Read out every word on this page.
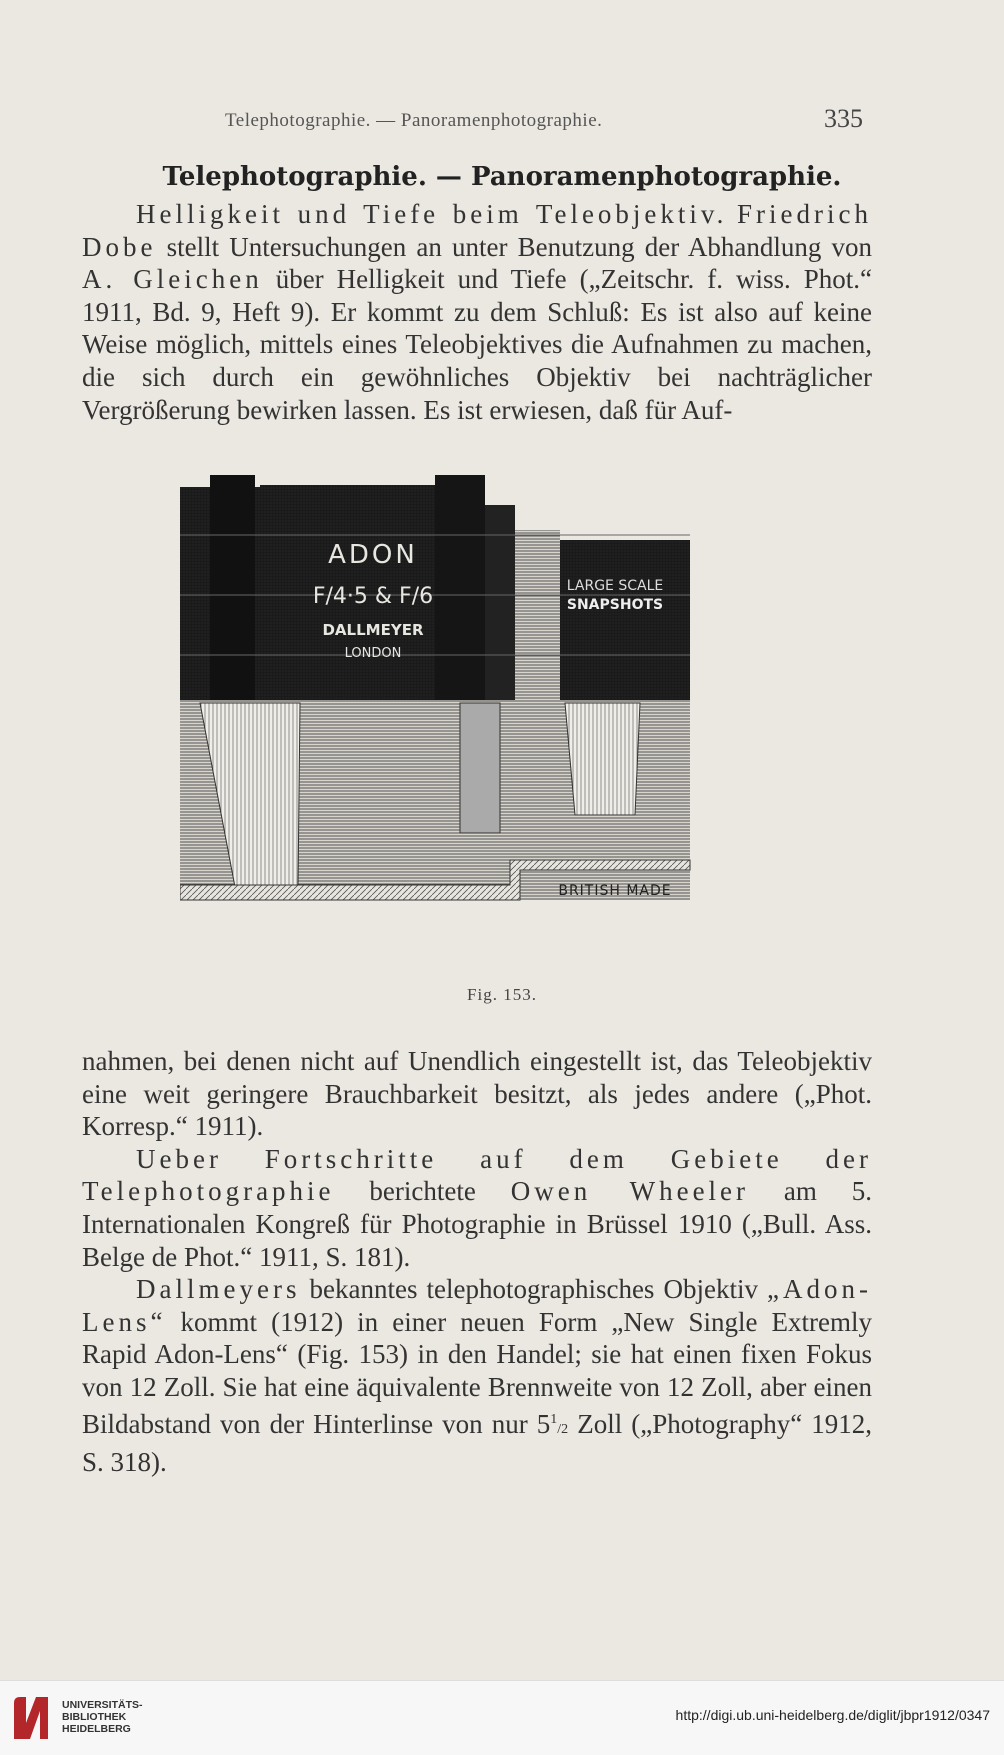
Telephotographie. — Panoramenphotographie.	335
Telephotographie. — Panoramenphotographie.

Helligkeit und Tiefe beim Teleobjektiv. Friedrich Dobe stellt Untersuchungen an unter Benutzung der Abhandlung von A. Gleichen über Helligkeit und Tiefe („Zeitschr. f. wiss. Phot.“ 1911, Bd. 9, Heft 9). Er kommt zu dem Schluß: Es ist also auf keine Weise möglich, mittels eines Teleobjektives die Aufnahmen zu machen, die sich durch ein gewöhnliches Objektiv bei nachträglicher Vergrößerung bewirken lassen. Es ist erwiesen, daß für Auf-

ADON
F/4·5 & F/6
DALLMEYER
LONDON
LARGE SCALE
SNAPSHOTS
BRITISH MADE
Fig. 153.

nahmen, bei denen nicht auf Unendlich eingestellt ist, das Teleobjektiv eine weit geringere Brauchbarkeit besitzt, als jedes andere („Phot. Korresp.“ 1911).

Ueber Fortschritte auf dem Gebiete der Telephotographie berichtete Owen Wheeler am 5. Internationalen Kongreß für Photographie in Brüssel 1910 („Bull. Ass. Belge de Phot.“ 1911, S. 181).

Dallmeyers bekanntes telephotographisches Objektiv „Adon-Lens“ kommt (1912) in einer neuen Form „New Single Extremly Rapid Adon-Lens“ (Fig. 153) in den Handel; sie hat einen fixen Fokus von 12 Zoll. Sie hat eine äquivalente Brennweite von 12 Zoll, aber einen Bildabstand von der Hinterlinse von nur $5^1/2$ Zoll („Photography“ 1912, S. 318).

UNIVERSITÄTS-
BIBLIOTHEK
HEIDELBERG
http://digi.ub.uni-heidelberg.de/diglit/jbpr1912/0347
